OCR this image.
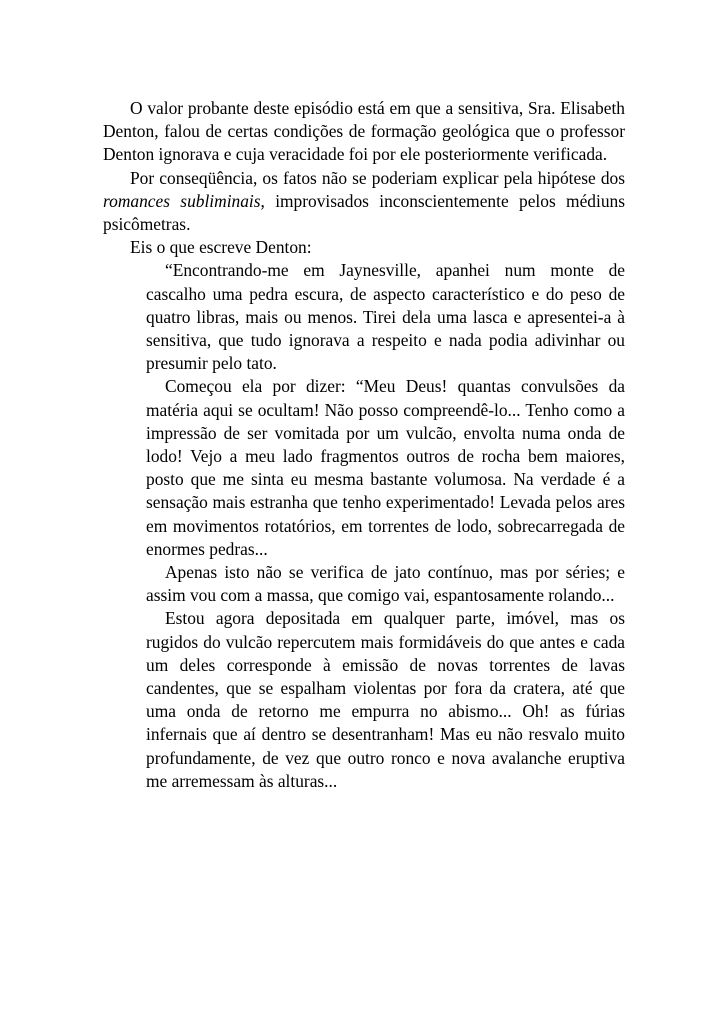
O valor probante deste episódio está em que a sensitiva, Sra. Elisabeth Denton, falou de certas condições de formação geológica que o professor Denton ignorava e cuja veracidade foi por ele posteriormente verificada.

Por conseqüência, os fatos não se poderiam explicar pela hipótese dos romances subliminais, improvisados inconscientemente pelos médiuns psicômetras.

Eis o que escreve Denton:

“Encontrando-me em Jaynesville, apanhei num monte de cascalho uma pedra escura, de aspecto característico e do peso de quatro libras, mais ou menos. Tirei dela uma lasca e apresentei-a à sensitiva, que tudo ignorava a respeito e nada podia adivinhar ou presumir pelo tato.

Começou ela por dizer: “Meu Deus! quantas convulsões da matéria aqui se ocultam! Não posso compreendê-lo... Tenho como a impressão de ser vomitada por um vulcão, envolta numa onda de lodo! Vejo a meu lado fragmentos outros de rocha bem maiores, posto que me sinta eu mesma bastante volumosa. Na verdade é a sensação mais estranha que tenho experimentado! Levada pelos ares em movimentos rotatórios, em torrentes de lodo, sobrecarregada de enormes pedras...

Apenas isto não se verifica de jato contínuo, mas por séries; e assim vou com a massa, que comigo vai, espantosamente rolando...

Estou agora depositada em qualquer parte, imóvel, mas os rugidos do vulcão repercutem mais formidáveis do que antes e cada um deles corresponde à emissão de novas torrentes de lavas candentes, que se espalham violentas por fora da cratera, até que uma onda de retorno me empurra no abismo... Oh! as fúrias infernais que aí dentro se desentranham! Mas eu não resvalo muito profundamente, de vez que outro ronco e nova avalanche eruptiva me arremessam às alturas...
